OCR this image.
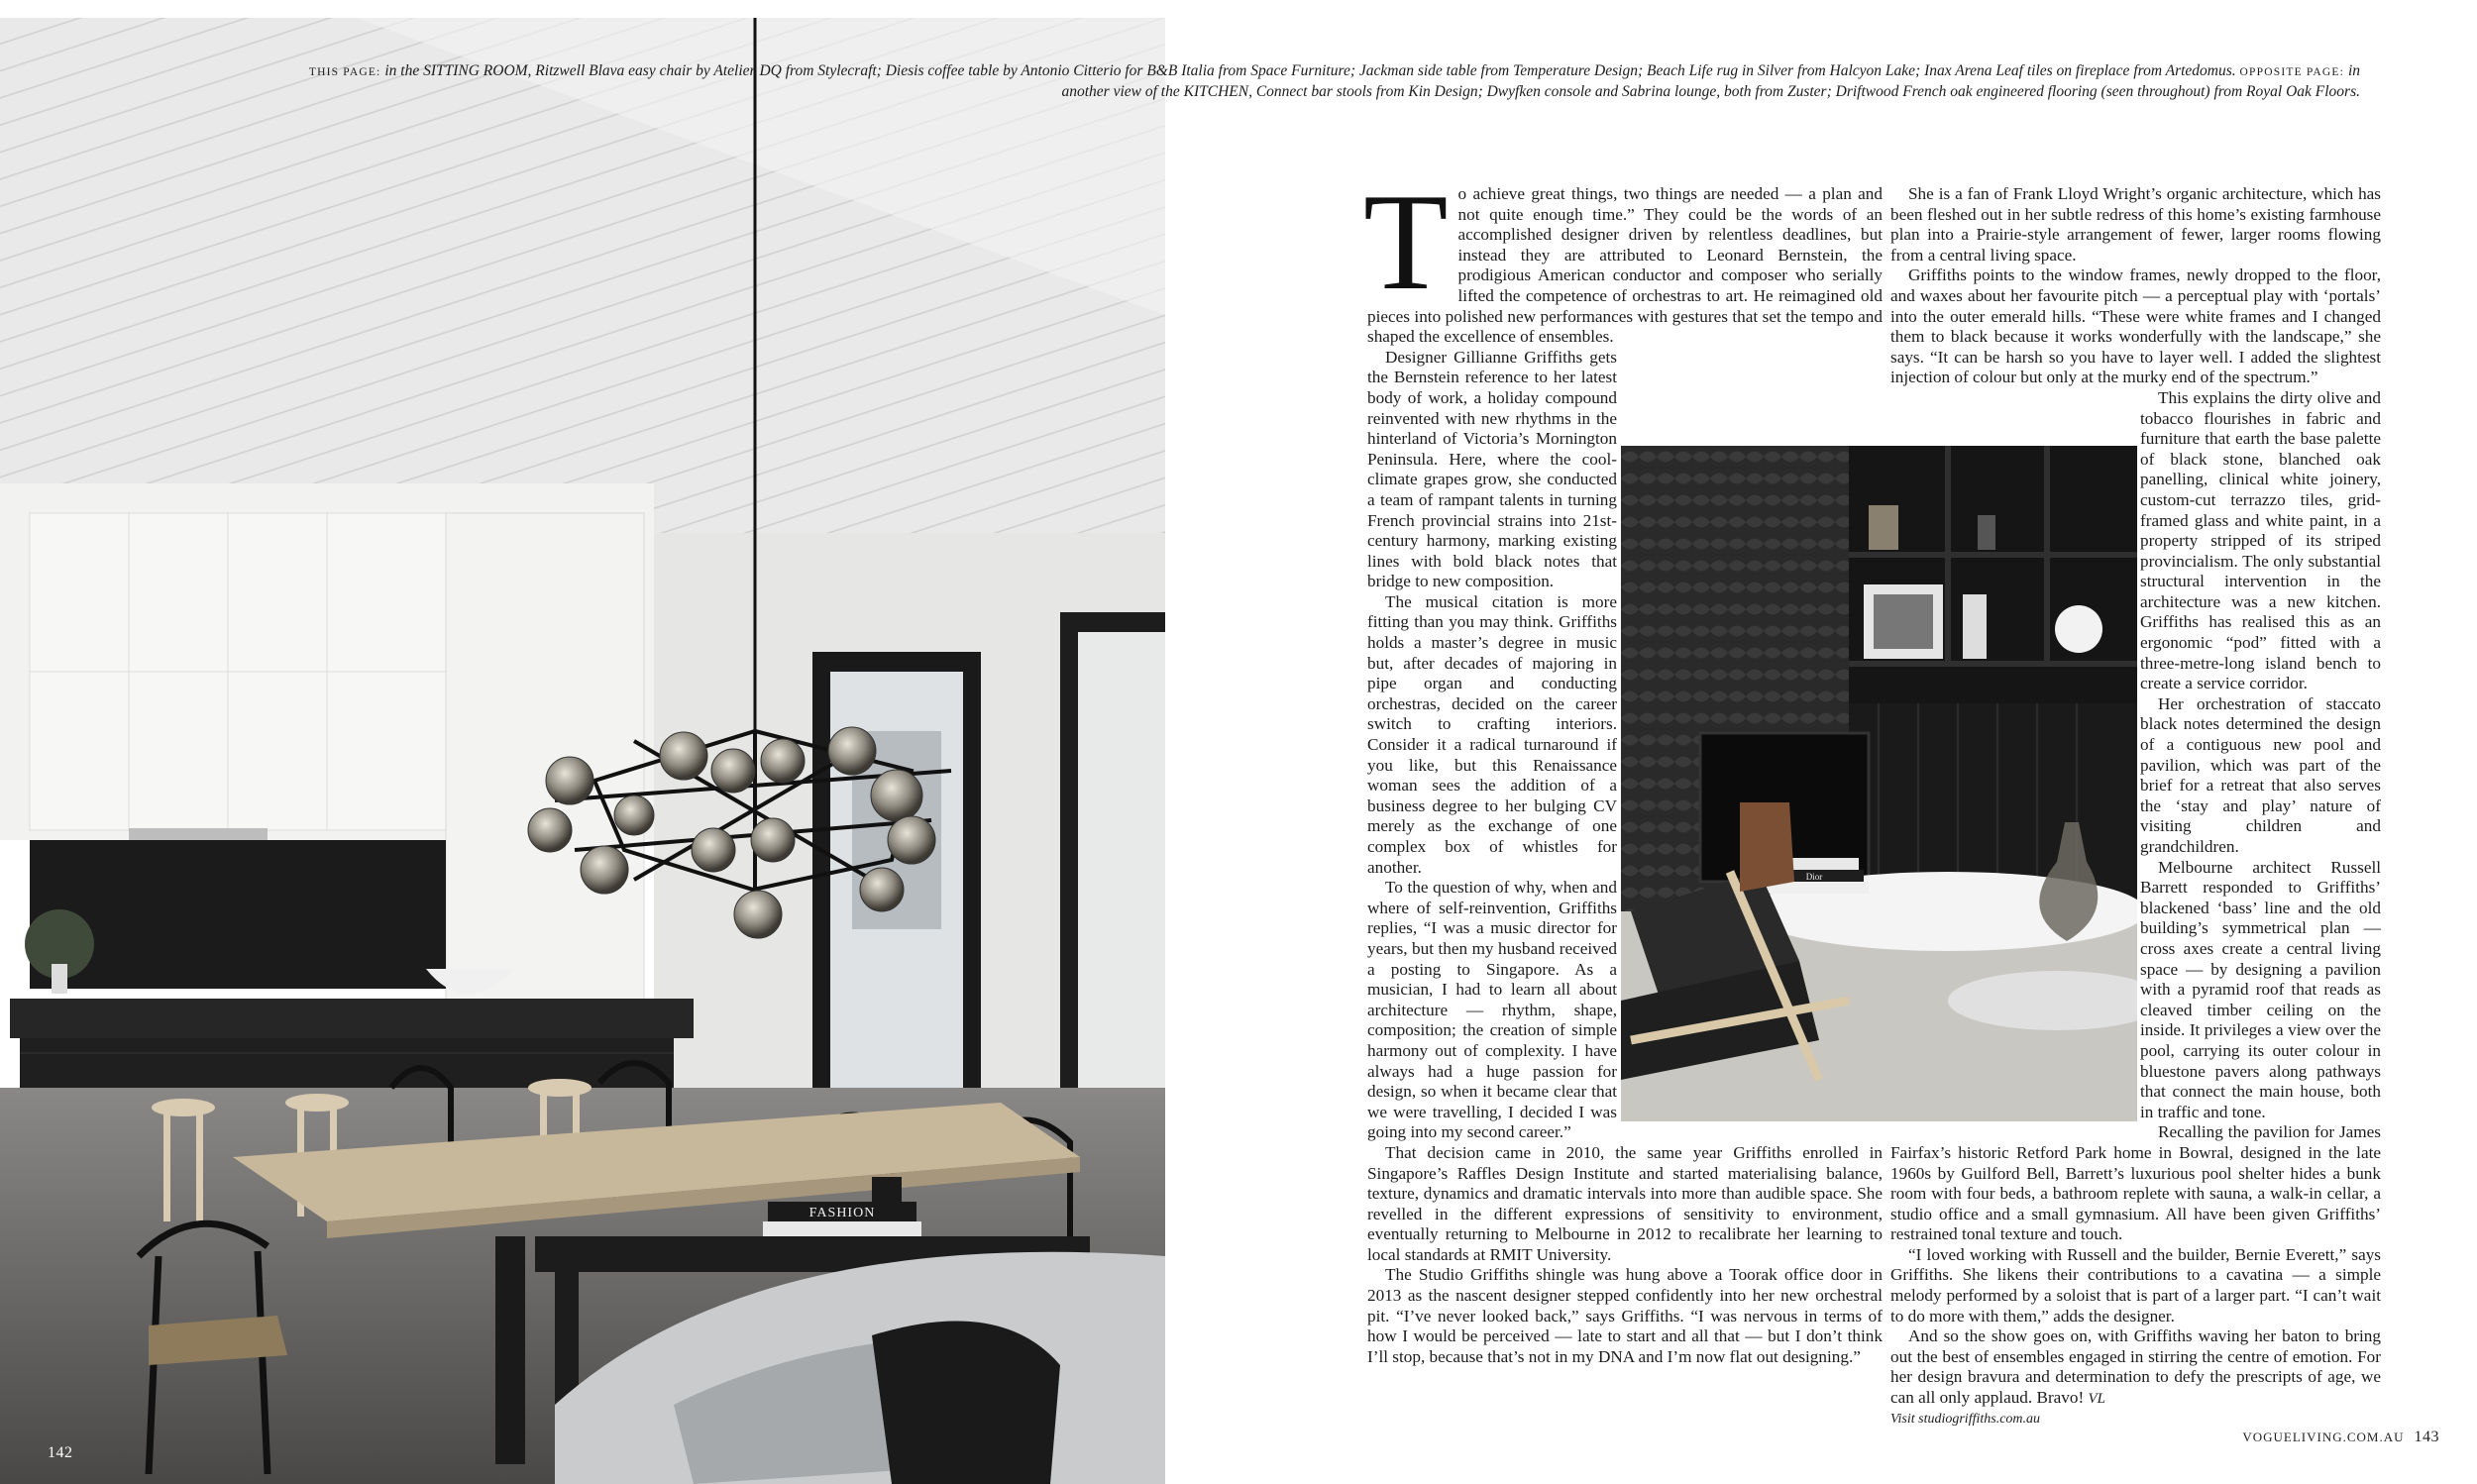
FASHION
142
THIS PAGE: in the SITTING ROOM, Ritzwell Blava easy chair by Atelier DQ from Stylecraft; Diesis coffee table by Antonio Citterio for B&B Italia from Space Furniture; Jackman side table from Temperature Design; Beach Life rug in Silver from Halcyon Lake; Inax Arena Leaf tiles on fireplace from Artedomus. OPPOSITE PAGE: in another view of the KITCHEN, Connect bar stools from Kin Design; Dwyfken console and Sabrina lounge, both from Zuster; Driftwood French oak engineered flooring (seen throughout) from Royal Oak Floors.

To achieve great things, two things are needed — a plan and not quite enough time.” They could be the words of an accomplished designer driven by relentless deadlines, but instead they are attributed to Leonard Bernstein, the prodigious American conductor and composer who serially lifted the competence of orchestras to art. He reimagined old pieces into polished new performances with gestures that set the tempo and shaped the excellence of ensembles.

Designer Gillianne Griffiths gets the Bernstein reference to her latest body of work, a holiday compound reinvented with new rhythms in the hinterland of Victoria’s Mornington Peninsula. Here, where the cool-climate grapes grow, she conducted a team of rampant talents in turning French provincial strains into 21st-century harmony, marking existing lines with bold black notes that bridge to new composition.

The musical citation is more fitting than you may think. Griffiths holds a master’s degree in music but, after decades of majoring in pipe organ and conducting orchestras, decided on the career switch to crafting interiors. Consider it a radical turnaround if you like, but this Renaissance woman sees the addition of a business degree to her bulging CV merely as the exchange of one complex box of whistles for another.

To the question of why, when and where of self-reinvention, Griffiths replies, “I was a music director for years, but then my husband received a posting to Singapore. As a musician, I had to learn all about architecture — rhythm, shape, composition; the creation of simple harmony out of complexity. I have always had a huge passion for design, so when it became clear that we were travelling, I decided I was going into my second career.”

That decision came in 2010, the same year Griffiths enrolled in Singapore’s Raffles Design Institute and started materialising balance, texture, dynamics and dramatic intervals into more than audible space. She revelled in the different expressions of sensitivity to environment, eventually returning to Melbourne in 2012 to recalibrate her learning to local standards at RMIT University.

The Studio Griffiths shingle was hung above a Toorak office door in 2013 as the nascent designer stepped confidently into her new orchestral pit. “I’ve never looked back,” says Griffiths. “I was nervous in terms of how I would be perceived — late to start and all that — but I don’t think I’ll stop, because that’s not in my DNA and I’m now flat out designing.”

She is a fan of Frank Lloyd Wright’s organic architecture, which has been fleshed out in her subtle redress of this home’s existing farmhouse plan into a Prairie-style arrangement of fewer, larger rooms flowing from a central living space.

Griffiths points to the window frames, newly dropped to the floor, and waxes about her favourite pitch — a perceptual play with ‘portals’ into the outer emerald hills. “These were white frames and I changed them to black because it works wonderfully with the landscape,” she says. “It can be harsh so you have to layer well. I added the slightest injection of colour but only at the murky end of the spectrum.”

This explains the dirty olive and tobacco flourishes in fabric and furniture that earth the base palette of black stone, blanched oak panelling, clinical white joinery, custom-cut terrazzo tiles, grid-framed glass and white paint, in a property stripped of its striped provincialism. The only substantial structural intervention in the architecture was a new kitchen. Griffiths has realised this as an ergonomic “pod” fitted with a three-metre-long island bench to create a service corridor.

Her orchestration of staccato black notes determined the design of a contiguous new pool and pavilion, which was part of the brief for a retreat that also serves the ‘stay and play’ nature of visiting children and grandchildren.

Melbourne architect Russell Barrett responded to Griffiths’ blackened ‘bass’ line and the old building’s symmetrical plan — cross axes create a central living space — by designing a pavilion with a pyramid roof that reads as cleaved timber ceiling on the inside. It privileges a view over the pool, carrying its outer colour in bluestone pavers along pathways that connect the main house, both in traffic and tone.

Recalling the pavilion for James Fairfax’s historic Retford Park home in Bowral, designed in the late 1960s by Guilford Bell, Barrett’s luxurious pool shelter hides a bunk room with four beds, a bathroom replete with sauna, a walk-in cellar, a studio office and a small gymnasium. All have been given Griffiths’ restrained tonal texture and touch.

“I loved working with Russell and the builder, Bernie Everett,” says Griffiths. She likens their contributions to a cavatina — a simple melody performed by a soloist that is part of a larger part. “I can’t wait to do more with them,” adds the designer.

And so the show goes on, with Griffiths waving her baton to bring out the best of ensembles engaged in stirring the centre of emotion. For her design bravura and determination to defy the prescripts of age, we can all only applaud. Bravo! VL

Visit studiogriffiths.com.au

Dior
VOGUELIVING.COM.AU 143
